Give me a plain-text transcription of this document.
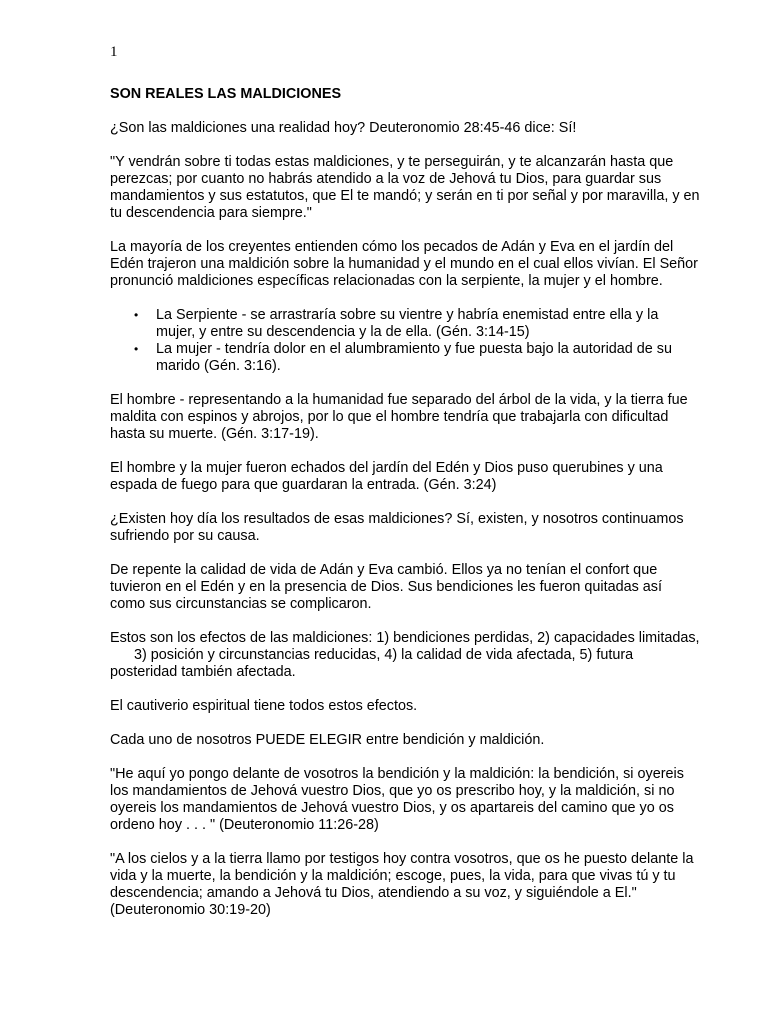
1
SON REALES LAS MALDICIONES

¿Son las maldiciones una realidad hoy? Deuteronomio 28:45-46 dice: Sí!

"Y vendrán sobre ti todas estas maldiciones, y te perseguirán, y te alcanzarán hasta que perezcas; por cuanto no habrás atendido a la voz de Jehová tu Dios, para guardar sus mandamientos y sus estatutos, que El te mandó; y serán en ti por señal y por maravilla, y en tu descendencia para siempre."

La mayoría de los creyentes entienden cómo los pecados de Adán y Eva en el jardín del Edén trajeron una maldición sobre la humanidad y el mundo en el cual ellos vivían. El Señor pronunció maldiciones específicas relacionadas con la serpiente, la mujer y el hombre.

• La Serpiente - se arrastraría sobre su vientre y habría enemistad entre ella y la mujer, y entre su descendencia y la de ella. (Gén. 3:14-15)
• La mujer - tendría dolor en el alumbramiento y fue puesta bajo la autoridad de su marido (Gén. 3:16).

El hombre - representando a la humanidad fue separado del árbol de la vida, y la tierra fue maldita con espinos y abrojos, por lo que el hombre tendría que trabajarla con dificultad hasta su muerte. (Gén. 3:17-19).

El hombre y la mujer fueron echados del jardín del Edén y Dios puso querubines y una espada de fuego para que guardaran la entrada. (Gén. 3:24)

¿Existen hoy día los resultados de esas maldiciones? Sí, existen, y nosotros continuamos sufriendo por su causa.

De repente la calidad de vida de Adán y Eva cambió. Ellos ya no tenían el confort que tuvieron en el Edén y en la presencia de Dios. Sus bendiciones les fueron quitadas así como sus circunstancias se complicaron.

Estos son los efectos de las maldiciones: 1) bendiciones perdidas, 2) capacidades limitadas,       3) posición y circunstancias reducidas, 4) la calidad de vida afectada, 5) futura posteridad también afectada.

El cautiverio espiritual tiene todos estos efectos.

Cada uno de nosotros PUEDE ELEGIR entre bendición y maldición.

"He aquí yo pongo delante de vosotros la bendición y la maldición: la bendición, si oyereis los mandamientos de Jehová vuestro Dios, que yo os prescribo hoy, y la maldición, si no oyereis los mandamientos de Jehová vuestro Dios, y os apartareis del camino que yo os ordeno hoy . . . " (Deuteronomio 11:26-28)

"A los cielos y a la tierra llamo por testigos hoy contra vosotros, que os he puesto delante la vida y la muerte, la bendición y la maldición; escoge, pues, la vida, para que vivas tú y tu descendencia; amando a Jehová tu Dios, atendiendo a su voz, y siguiéndole a El." (Deuteronomio 30:19-20)
